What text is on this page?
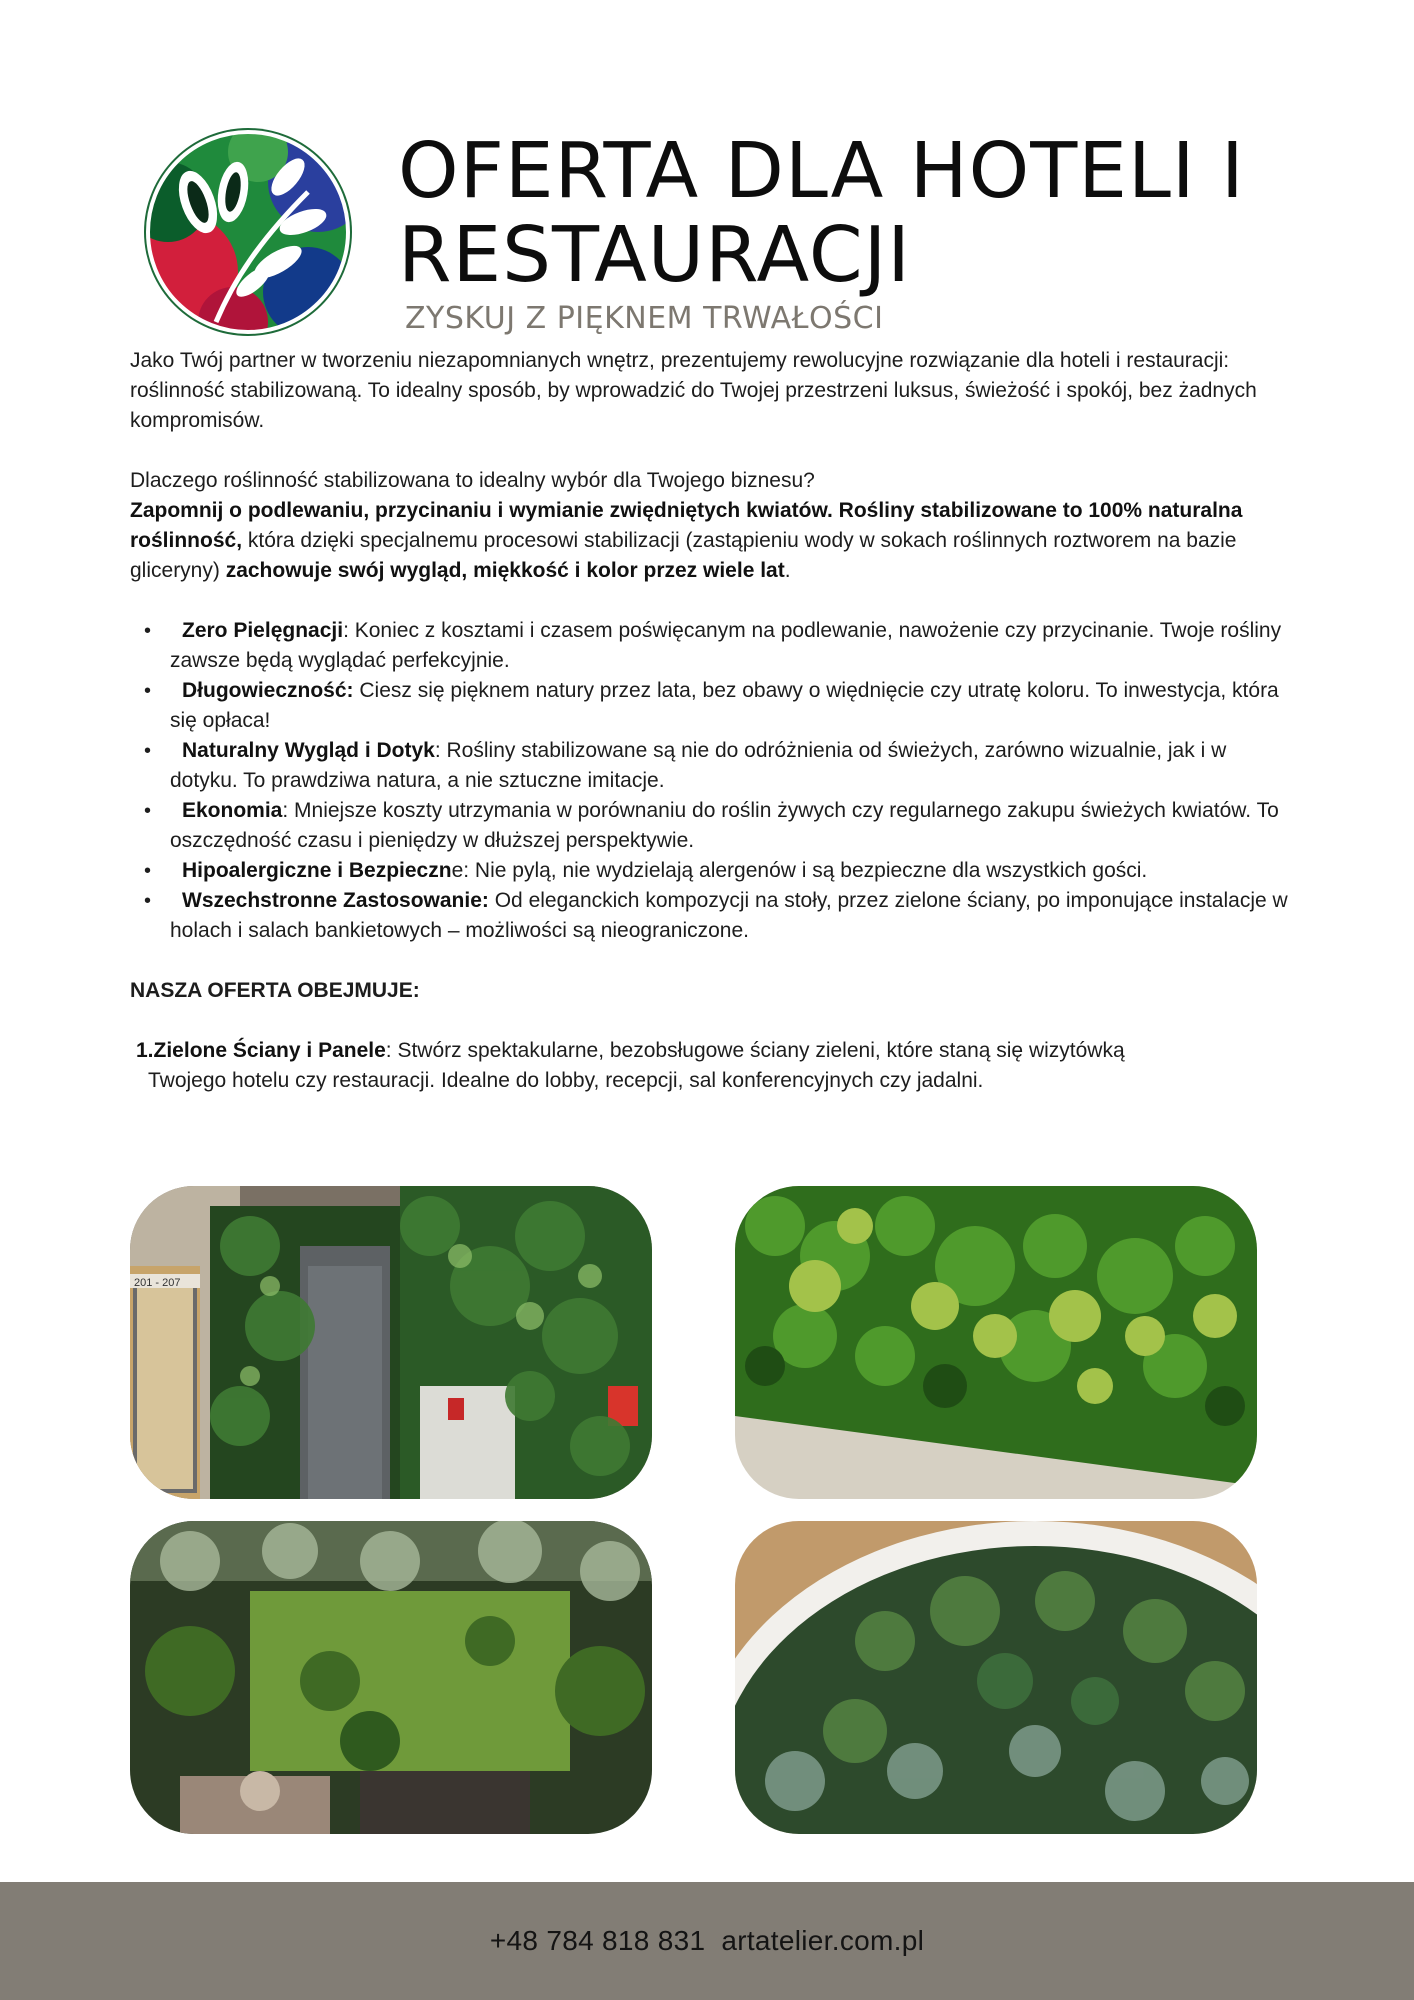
OFERTA DLA HOTELI I
RESTAURACJI
ZYSKUJ Z PIĘKNEM TRWAŁOŚCI

Jako Twój partner w tworzeniu niezapomnianych wnętrz, prezentujemy rewolucyjne rozwiązanie dla hoteli i restauracji: roślinność stabilizowaną. To idealny sposób, by wprowadzić do Twojej przestrzeni luksus, świeżość i spokój, bez żadnych kompromisów.

Dlaczego roślinność stabilizowana to idealny wybór dla Twojego biznesu?

Zapomnij o podlewaniu, przycinaniu i wymianie zwiędniętych kwiatów. Rośliny stabilizowane to 100% naturalna roślinność, która dzięki specjalnemu procesowi stabilizacji (zastąpieniu wody w sokach roślinnych roztworem na bazie gliceryny) zachowuje swój wygląd, miękkość i kolor przez wiele lat.

• Zero Pielęgnacji: Koniec z kosztami i czasem poświęcanym na podlewanie, nawożenie czy przycinanie. Twoje rośliny zawsze będą wyglądać perfekcyjnie.
• Długowieczność: Ciesz się pięknem natury przez lata, bez obawy o więdnięcie czy utratę koloru. To inwestycja, która się opłaca!
• Naturalny Wygląd i Dotyk: Rośliny stabilizowane są nie do odróżnienia od świeżych, zarówno wizualnie, jak i w dotyku. To prawdziwa natura, a nie sztuczne imitacje.
• Ekonomia: Mniejsze koszty utrzymania w porównaniu do roślin żywych czy regularnego zakupu świeżych kwiatów. To oszczędność czasu i pieniędzy w dłuższej perspektywie.
• Hipoalergiczne i Bezpieczne: Nie pylą, nie wydzielają alergenów i są bezpieczne dla wszystkich gości.
• Wszechstronne Zastosowanie: Od eleganckich kompozycji na stoły, przez zielone ściany, po imponujące instalacje w holach i salach bankietowych – możliwości są nieograniczone.

NASZA OFERTA OBEJMUJE:

1.Zielone Ściany i Panele: Stwórz spektakularne, bezobsługowe ściany zieleni, które staną się wizytówką
Twojego hotelu czy restauracji. Idealne do lobby, recepcji, sal konferencyjnych czy jadalni.

201 - 207
+48 784 818 831 artatelier.com.pl
